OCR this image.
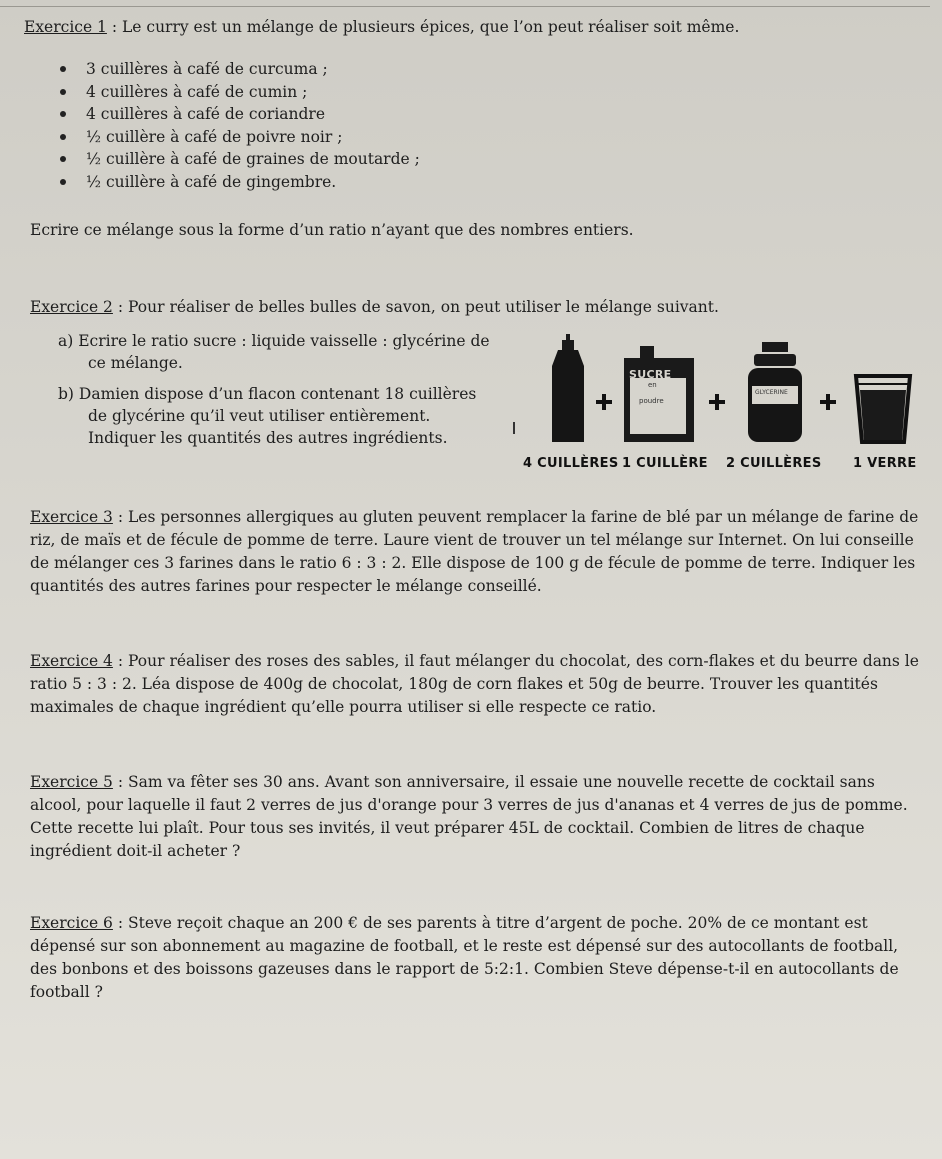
Exercice 1 : Le curry est un mélange de plusieurs épices, que l’on peut réaliser soit même.
3 cuillères à café de curcuma ;
4 cuillères à café de cumin ;
4 cuillères à café de coriandre
½ cuillère à café de poivre noir ;
½ cuillère à café de graines de moutarde ;
½ cuillère à café de gingembre.
Ecrire ce mélange sous la forme d’un ratio n’ayant que des nombres entiers.
Exercice 2 : Pour réaliser de belles bulles de savon, on peut utiliser le mélange suivant.
a) Ecrire le ratio sucre : liquide vaisselle : glycérine de
ce mélange.
b) Damien dispose d’un flacon contenant 18 cuillères
de glycérine qu’il veut utiliser entièrement.
Indiquer les quantités des autres ingrédients.
SUCRE
en
poudre
GLYCERINE
4 CUILLÈRES 1 CUILLÈRE 2 CUILLÈRES 1 VERRE
Exercice 3 : Les personnes allergiques au gluten peuvent remplacer la farine de blé par un mélange de farine de
riz, de maïs et de fécule de pomme de terre. Laure vient de trouver un tel mélange sur Internet. On lui conseille
de mélanger ces 3 farines dans le ratio 6 : 3 : 2. Elle dispose de 100 g de fécule de pomme de terre. Indiquer les
quantités des autres farines pour respecter le mélange conseillé.
Exercice 4 : Pour réaliser des roses des sables, il faut mélanger du chocolat, des corn-flakes et du beurre dans le
ratio 5 : 3 : 2. Léa dispose de 400g de chocolat, 180g de corn flakes et 50g de beurre. Trouver les quantités
maximales de chaque ingrédient qu’elle pourra utiliser si elle respecte ce ratio.
Exercice 5 : Sam va fêter ses 30 ans. Avant son anniversaire, il essaie une nouvelle recette de cocktail sans
alcool, pour laquelle il faut 2 verres de jus d'orange pour 3 verres de jus d'ananas et 4 verres de jus de pomme.
Cette recette lui plaît. Pour tous ses invités, il veut préparer 45L de cocktail. Combien de litres de chaque
ingrédient doit-il acheter ?
Exercice 6 : Steve reçoit chaque an 200 € de ses parents à titre d’argent de poche. 20% de ce montant est
dépensé sur son abonnement au magazine de football, et le reste est dépensé sur des autocollants de football,
des bonbons et des boissons gazeuses dans le rapport de 5:2:1. Combien Steve dépense-t-il en autocollants de
football ?
